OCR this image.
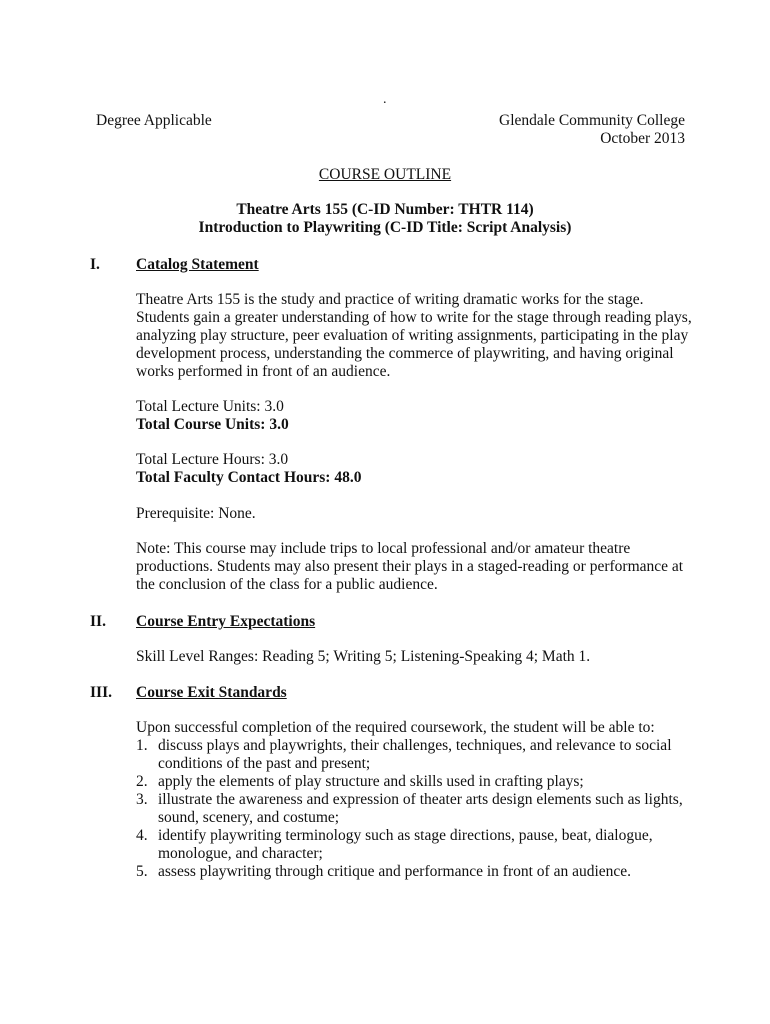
.
Degree Applicable	Glendale Community College
October 2013
COURSE OUTLINE
Theatre Arts 155 (C-ID Number: THTR 114)
Introduction to Playwriting (C-ID Title: Script Analysis)
I. Catalog Statement
Theatre Arts 155 is the study and practice of writing dramatic works for the stage.
Students gain a greater understanding of how to write for the stage through reading plays,
analyzing play structure, peer evaluation of writing assignments, participating in the play
development process, understanding the commerce of playwriting, and having original
works performed in front of an audience.
Total Lecture Units: 3.0
Total Course Units: 3.0
Total Lecture Hours: 3.0
Total Faculty Contact Hours: 48.0
Prerequisite: None.
Note: This course may include trips to local professional and/or amateur theatre
productions. Students may also present their plays in a staged-reading or performance at
the conclusion of the class for a public audience.
II. Course Entry Expectations
Skill Level Ranges: Reading 5; Writing 5; Listening-Speaking 4; Math 1.
III. Course Exit Standards
Upon successful completion of the required coursework, the student will be able to:
1. discuss plays and playwrights, their challenges, techniques, and relevance to social
conditions of the past and present;
2. apply the elements of play structure and skills used in crafting plays;
3. illustrate the awareness and expression of theater arts design elements such as lights,
sound, scenery, and costume;
4. identify playwriting terminology such as stage directions, pause, beat, dialogue,
monologue, and character;
5. assess playwriting through critique and performance in front of an audience.
